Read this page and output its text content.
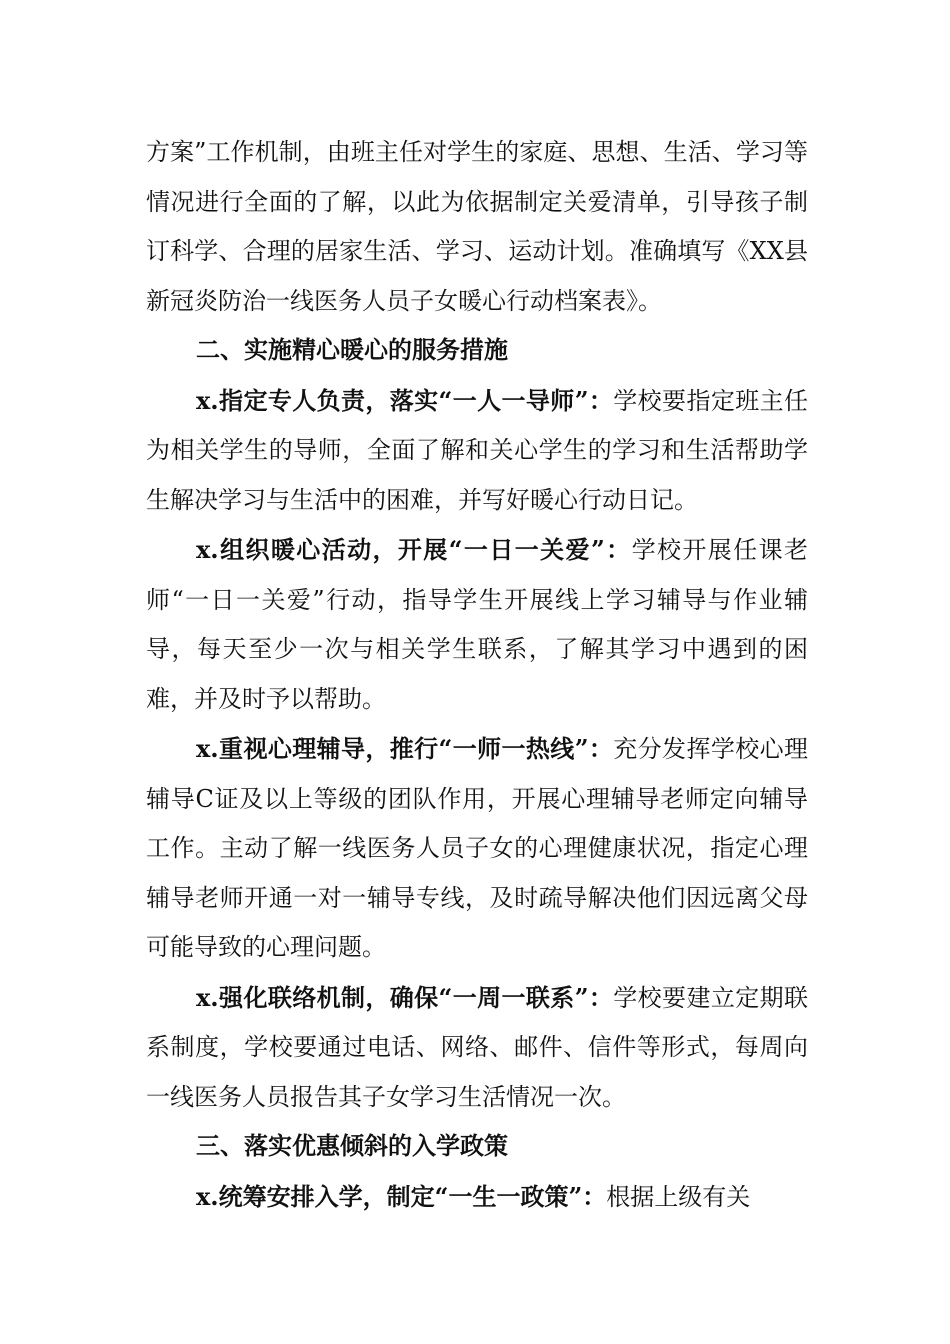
方案”工作机制，由班主任对学生的家庭、思想、生活、学习等情况进行全面的了解，以此为依据制定关爱清单，引导孩子制订科学、合理的居家生活、学习、运动计划。准确填写《XX县新冠炎防治一线医务人员子女暖心行动档案表》。

二、实施精心暖心的服务措施

x.指定专人负责，落实“一人一导师”：学校要指定班主任为相关学生的导师，全面了解和关心学生的学习和生活帮助学生解决学习与生活中的困难，并写好暖心行动日记。

x.组织暖心活动，开展“一日一关爱”：学校开展任课老师“一日一关爱”行动，指导学生开展线上学习辅导与作业辅导，每天至少一次与相关学生联系，了解其学习中遇到的困难，并及时予以帮助。

x.重视心理辅导，推行“一师一热线”：充分发挥学校心理辅导C证及以上等级的团队作用，开展心理辅导老师定向辅导工作。主动了解一线医务人员子女的心理健康状况，指定心理辅导老师开通一对一辅导专线，及时疏导解决他们因远离父母可能导致的心理问题。

x.强化联络机制，确保“一周一联系”：学校要建立定期联系制度，学校要通过电话、网络、邮件、信件等形式，每周向一线医务人员报告其子女学习生活情况一次。

三、落实优惠倾斜的入学政策

x.统筹安排入学，制定“一生一政策”：根据上级有关
